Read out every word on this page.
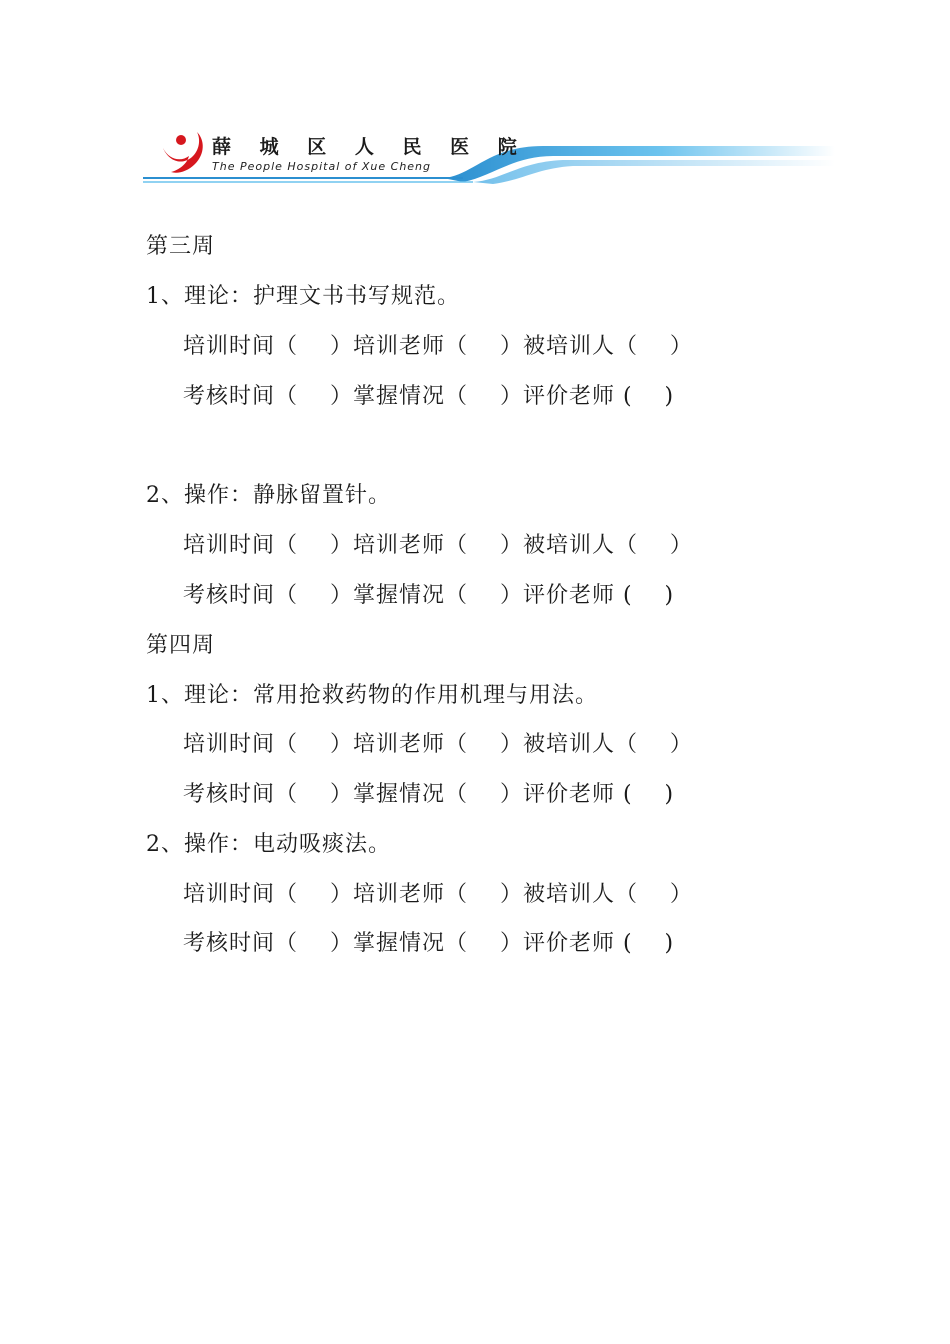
薛 城 区 人 民 医 院
The People Hospital of Xue Cheng
第三周
1、理论：护理文书书写规范。
培训时间（    ）培训老师（    ）被培训人（    ）
考核时间（    ）掌握情况（    ）评价老师 (    )
2、操作：静脉留置针。
培训时间（    ）培训老师（    ）被培训人（    ）
考核时间（    ）掌握情况（    ）评价老师 (    )
第四周
1、理论：常用抢救药物的作用机理与用法。
培训时间（    ）培训老师（    ）被培训人（    ）
考核时间（    ）掌握情况（    ）评价老师 (    )
2、操作：电动吸痰法。
培训时间（    ）培训老师（    ）被培训人（    ）
考核时间（    ）掌握情况（    ）评价老师 (    )
